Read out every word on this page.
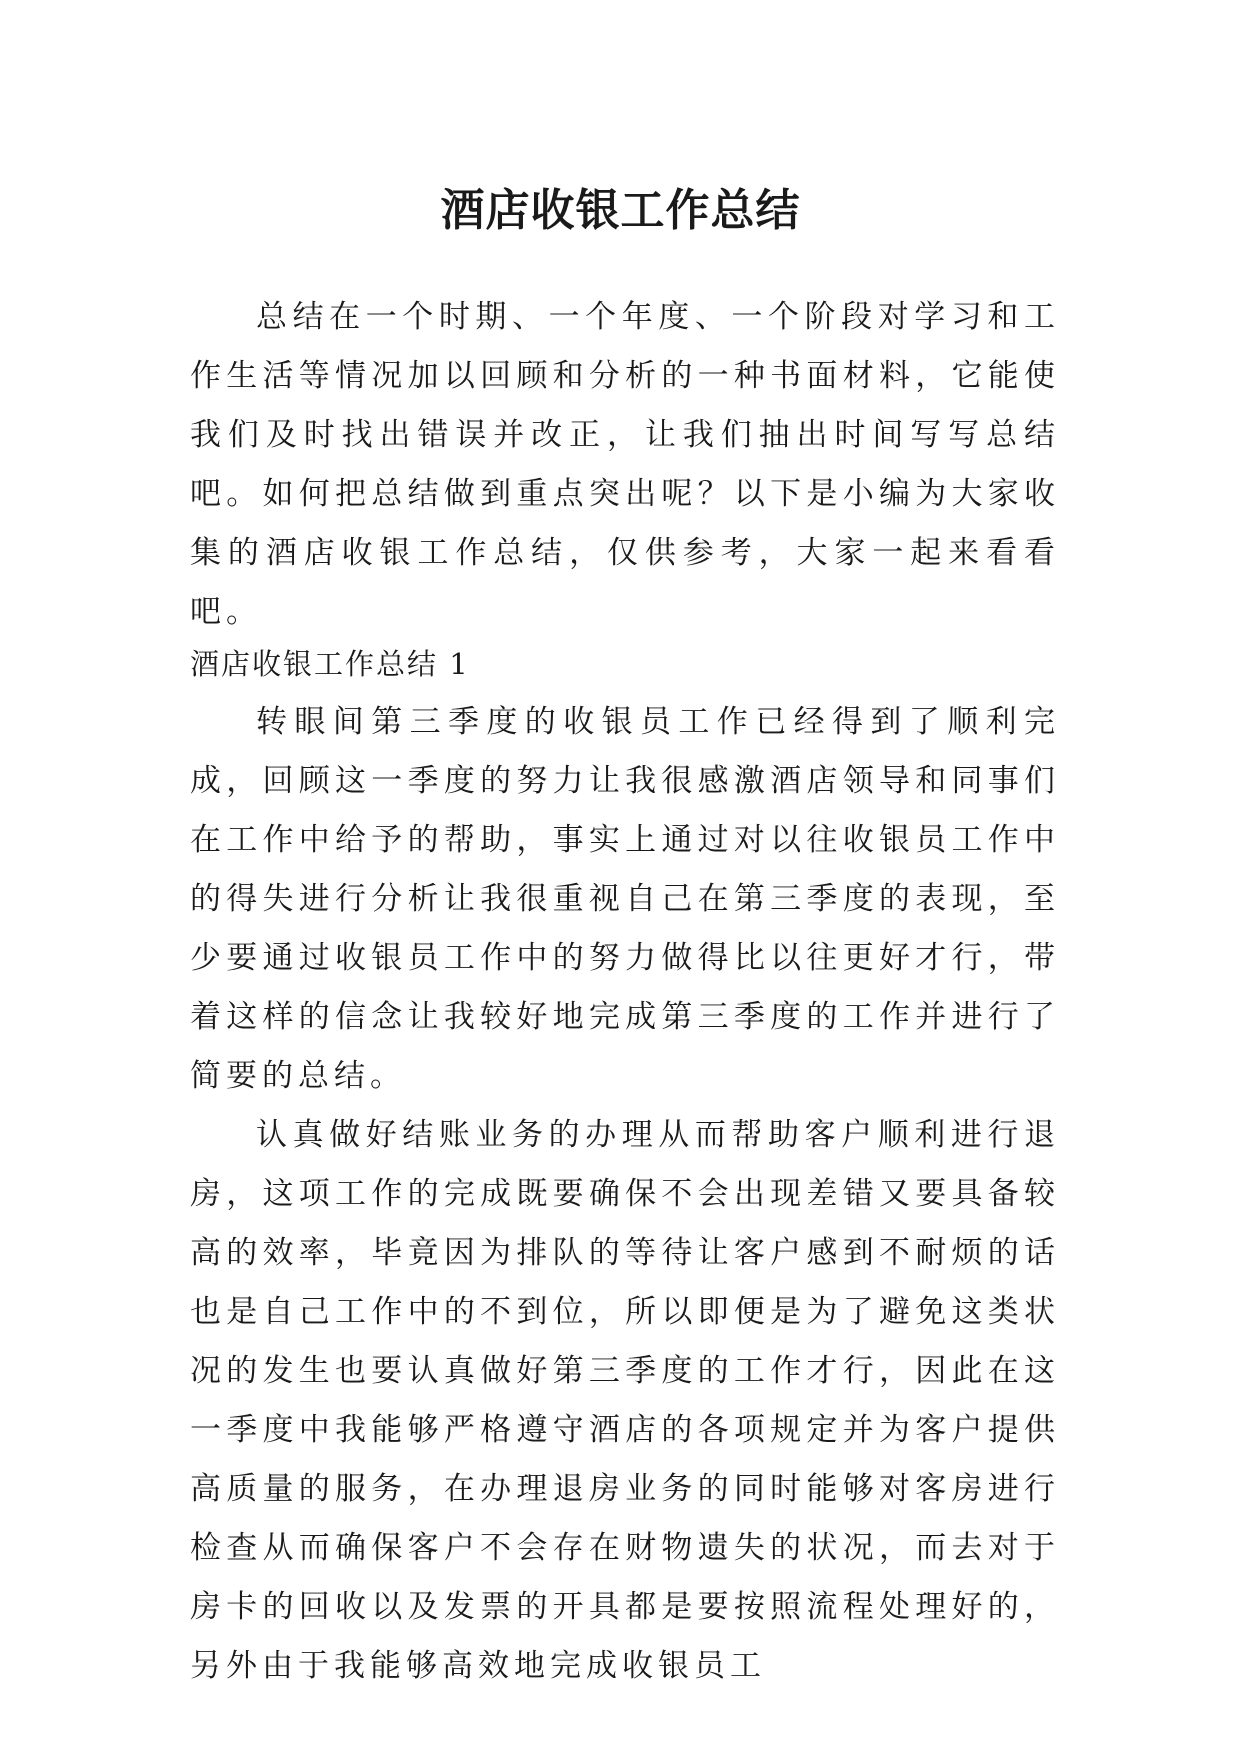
酒店收银工作总结

总结在一个时期、一个年度、一个阶段对学习和工作生活等情况加以回顾和分析的一种书面材料，它能使我们及时找出错误并改正，让我们抽出时间写写总结吧。如何把总结做到重点突出呢？以下是小编为大家收集的酒店收银工作总结，仅供参考，大家一起来看看吧。

酒店收银工作总结 1

转眼间第三季度的收银员工作已经得到了顺利完成，回顾这一季度的努力让我很感激酒店领导和同事们在工作中给予的帮助，事实上通过对以往收银员工作中的得失进行分析让我很重视自己在第三季度的表现，至少要通过收银员工作中的努力做得比以往更好才行，带着这样的信念让我较好地完成第三季度的工作并进行了简要的总结。

认真做好结账业务的办理从而帮助客户顺利进行退房，这项工作的完成既要确保不会出现差错又要具备较高的效率，毕竟因为排队的等待让客户感到不耐烦的话也是自己工作中的不到位，所以即便是为了避免这类状况的发生也要认真做好第三季度的工作才行，因此在这一季度中我能够严格遵守酒店的各项规定并为客户提供高质量的服务，在办理退房业务的同时能够对客房进行检查从而确保客户不会存在财物遗失的状况，而去对于房卡的回收以及发票的开具都是要按照流程处理好的，另外由于我能够高效地完成收银员工
